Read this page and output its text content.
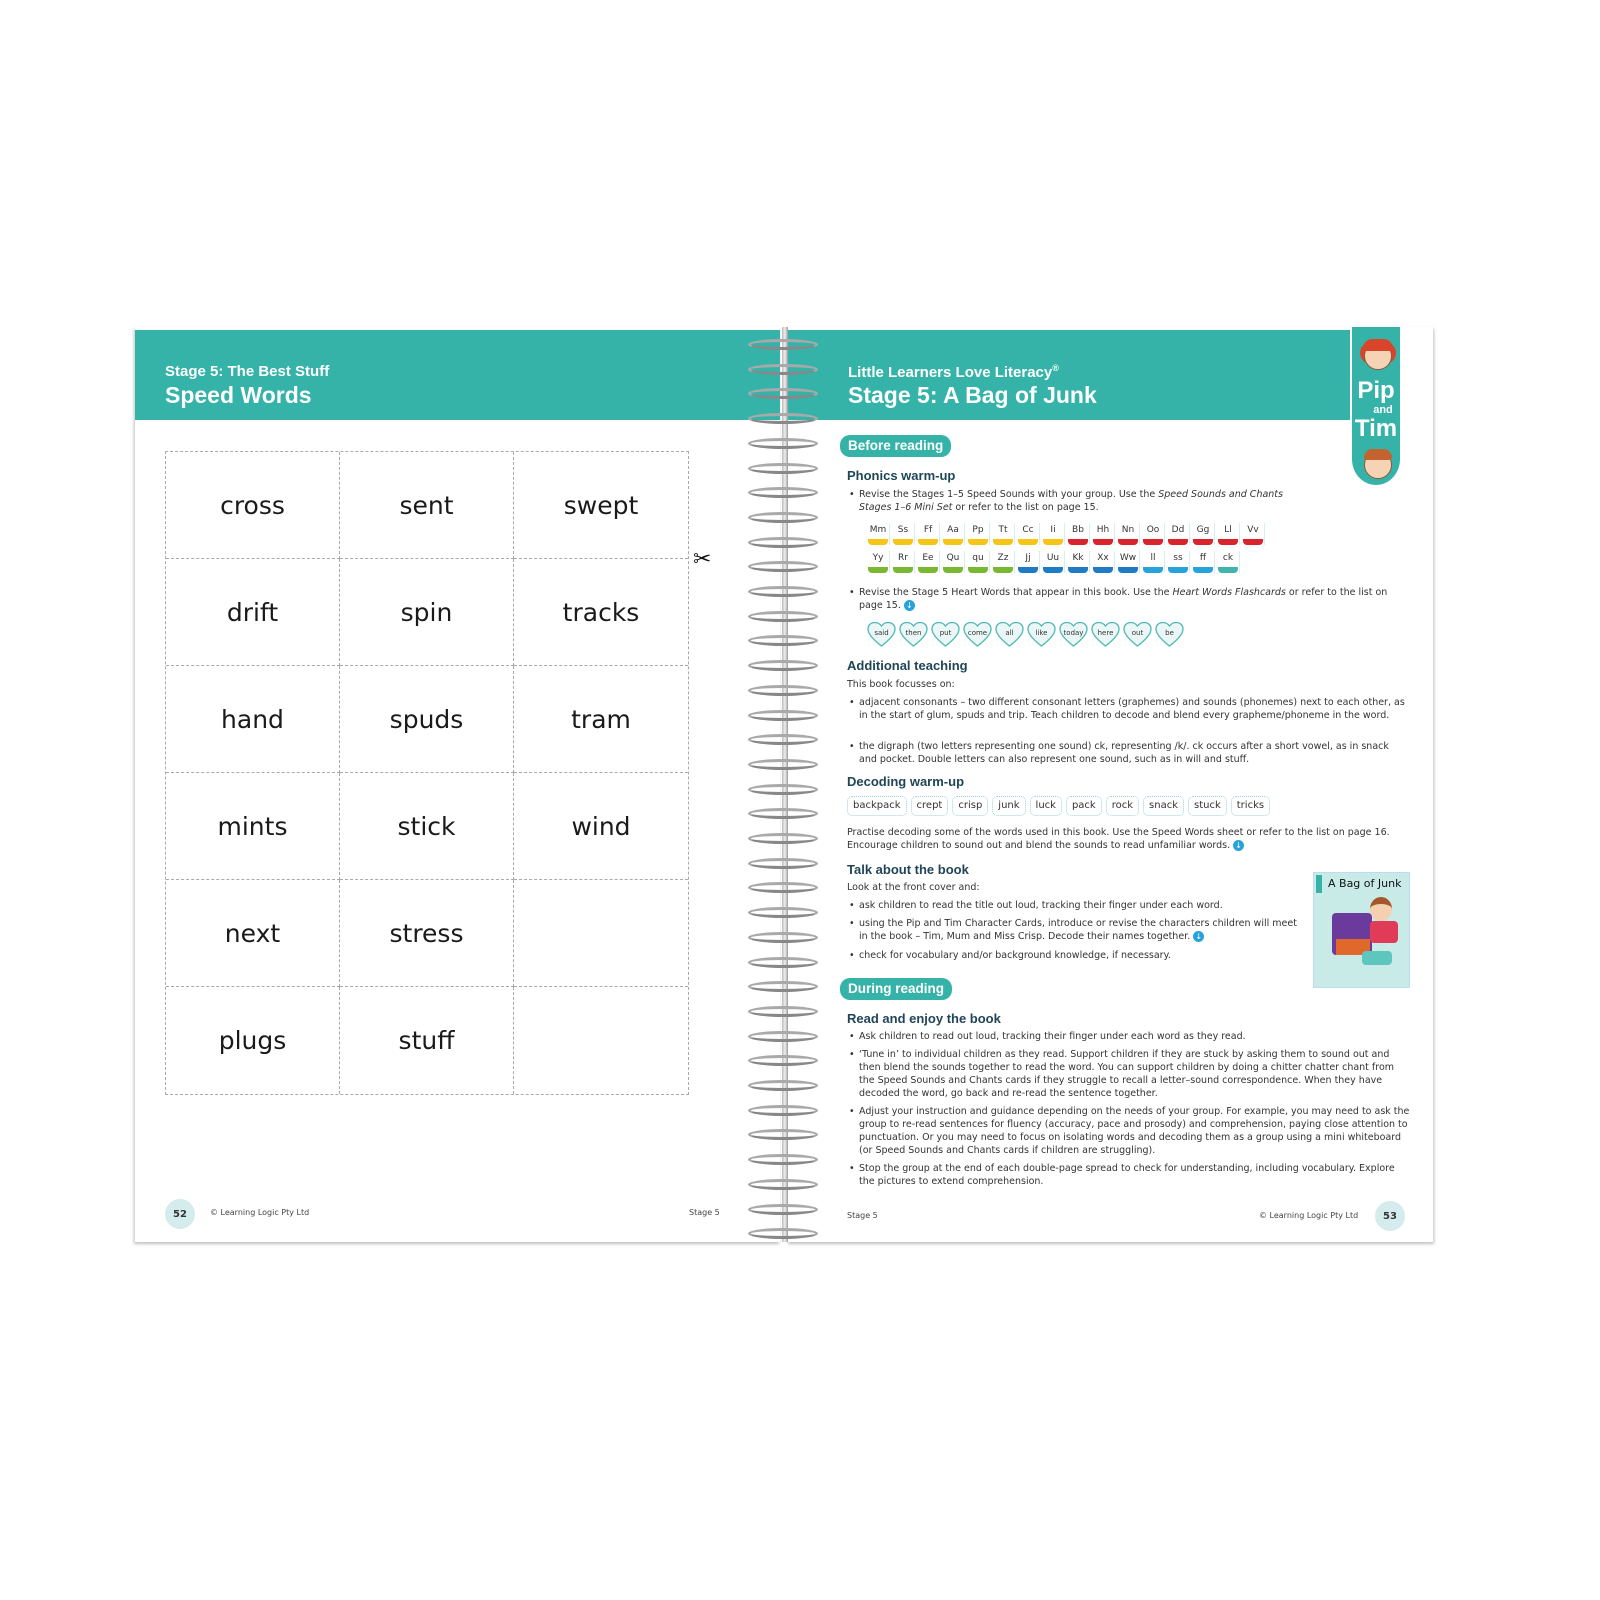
Stage 5: The Best Stuff
Speed Words
cross	sent	swept
drift	spin	tracks
hand	spuds	tram
mints	stick	wind
next	stress
plugs	stuff
✂
52	© Learning Logic Pty Ltd	Stage 5
Little Learners Love Literacy®
Stage 5: A Bag of Junk	Pip
and
Tim
Before reading
Phonics warm-up
• Revise the Stages 1–5 Speed Sounds with your group. Use the Speed Sounds and Chants Stages 1–6 Mini Set or refer to the list on page 15.
Mm	Ss	Ff	Aa	Pp	Tt	Cc	Ii	Bb	Hh	Nn	Oo	Dd	Gg	Ll	Vv
Yy	Rr	Ee	Qu	qu	Zz	Jj	Uu	Kk	Xx	Ww	ll	ss	ff	ck
• Revise the Stage 5 Heart Words that appear in this book. Use the Heart Words Flashcards or refer to the list on page 15. ↓
said	then	put	come	all	like	today	here	out	be
Additional teaching
This book focusses on:
• adjacent consonants – two different consonant letters (graphemes) and sounds (phonemes) next to each other, as in the start of glum, spuds and trip. Teach children to decode and blend every grapheme/phoneme in the word.
• the digraph (two letters representing one sound) ck, representing /k/. ck occurs after a short vowel, as in snack and pocket. Double letters can also represent one sound, such as in will and stuff.
Decoding warm-up
backpack	crept	crisp	junk	luck	pack	rock	snack	stuck	tricks
Practise decoding some of the words used in this book. Use the Speed Words sheet or refer to the list on page 16. Encourage children to sound out and blend the sounds to read unfamiliar words. ↓
Talk about the book
Look at the front cover and:
• ask children to read the title out loud, tracking their finger under each word.
• using the Pip and Tim Character Cards, introduce or revise the characters children will meet in the book – Tim, Mum and Miss Crisp. Decode their names together. ↓
• check for vocabulary and/or background knowledge, if necessary.
A Bag of Junk
During reading
Read and enjoy the book
• Ask children to read out loud, tracking their finger under each word as they read.
• ‘Tune in’ to individual children as they read. Support children if they are stuck by asking them to sound out and then blend the sounds together to read the word. You can support children by doing a chitter chatter chant from the Speed Sounds and Chants cards if they struggle to recall a letter–sound correspondence. When they have decoded the word, go back and re-read the sentence together.
• Adjust your instruction and guidance depending on the needs of your group. For example, you may need to ask the group to re-read sentences for fluency (accuracy, pace and prosody) and comprehension, paying close attention to punctuation. Or you may need to focus on isolating words and decoding them as a group using a mini whiteboard (or Speed Sounds and Chants cards if children are struggling).
• Stop the group at the end of each double-page spread to check for understanding, including vocabulary. Explore the pictures to extend comprehension.
Stage 5	© Learning Logic Pty Ltd	53
